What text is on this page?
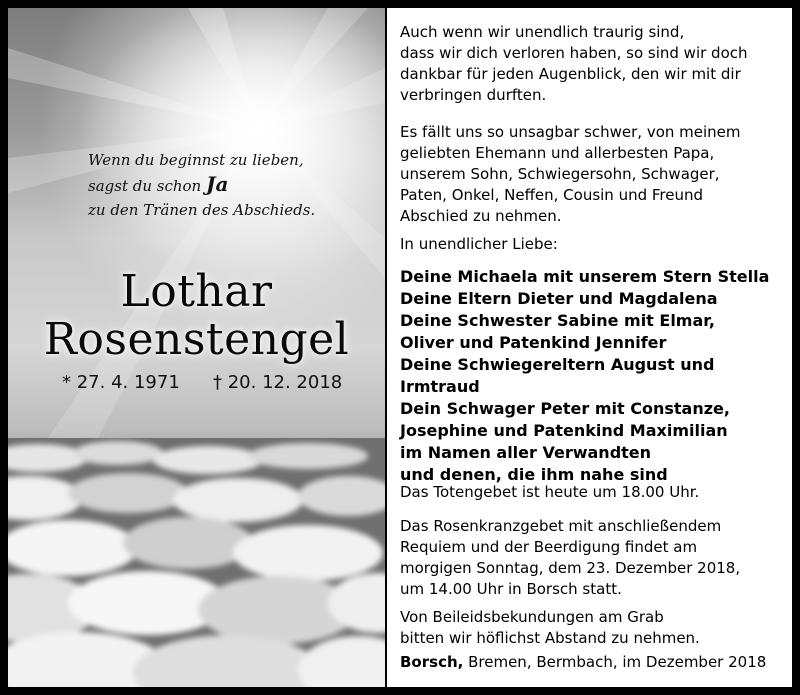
Wenn du beginnst zu lieben,
sagst du schon Ja
zu den Tränen des Abschieds.
Lothar
Rosenstengel
* 27. 4. 1971 † 20. 12. 2018

Auch wenn wir unendlich traurig sind,
dass wir dich verloren haben, so sind wir doch
dankbar für jeden Augenblick, den wir mit dir
verbringen durften.

Es fällt uns so unsagbar schwer, von meinem
geliebten Ehemann und allerbesten Papa,
unserem Sohn, Schwiegersohn, Schwager,
Paten, Onkel, Neffen, Cousin und Freund
Abschied zu nehmen.

In unendlicher Liebe:

Deine Michaela mit unserem Stern Stella
Deine Eltern Dieter und Magdalena
Deine Schwester Sabine mit Elmar,
Oliver und Patenkind Jennifer
Deine Schwiegereltern August und Irmtraud
Dein Schwager Peter mit Constanze,
Josephine und Patenkind Maximilian
im Namen aller Verwandten
und denen, die ihm nahe sind

Das Totengebet ist heute um 18.00 Uhr.

Das Rosenkranzgebet mit anschließendem
Requiem und der Beerdigung findet am
morgigen Sonntag, dem 23. Dezember 2018,
um 14.00 Uhr in Borsch statt.

Von Beileidsbekundungen am Grab
bitten wir höflichst Abstand zu nehmen.

Borsch, Bremen, Bermbach, im Dezember 2018
